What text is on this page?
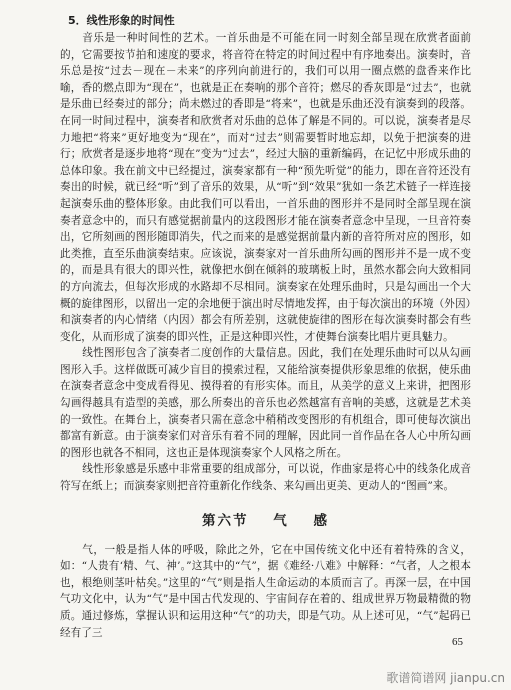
5．线性形象的时间性

音乐是一种时间性的艺术。一首乐曲是不可能在同一时刻全部呈现在欣赏者面前的，它需要按节拍和速度的要求，将音符在特定的时间过程中有序地奏出。演奏时，音乐总是按“过去－现在－未来”的序列向前进行的，我们可以用一圈点燃的盘香来作比喻，香的燃点即为“现在”，也就是正在奏响的那个音符；燃尽的香灰即是“过去”，也就是乐曲已经奏过的部分；尚未燃过的香即是“将来”，也就是乐曲还没有演奏到的段落。在同一时间过程中，演奏者和欣赏者对乐曲的总体了解是不同的。可以说，演奏者是尽力地把“将来”更好地变为“现在”，而对“过去”则需要暂时地忘却，以免于把演奏的进行；欣赏者是逐步地将“现在”变为“过去”，经过大脑的重新编码，在记忆中形成乐曲的总体印象。我在前文中已经提过，演奏家都有一种“预先听觉”的能力，即在音符还没有奏出的时候，就已经“听”到了音乐的效果，从“听”到“效果”犹如一条艺术链子一样连接起演奏乐曲的整体形象。由此我们可以看出，一首乐曲的图形并不是同时全部呈现在演奏者意念中的，而只有感觉据前量内的这段图形才能在演奏者意念中呈现，一旦音符奏出，它所刻画的图形随即消失，代之而来的是感觉据前量内新的音符所对应的图形，如此类推，直至乐曲演奏结束。应该说，演奏家对一首乐曲所勾画的图形并不是一成不变的，而是具有很大的即兴性，就像把水倒在倾斜的玻璃板上时，虽然水都会向大致相同的方向流去，但每次形成的水路却不尽相同。演奏家在处理乐曲时，只是勾画出一个大概的旋律图形，以留出一定的余地便于演出时尽情地发挥，由于每次演出的环境（外因）和演奏者的内心情绪（内因）都会有所差别，这就使旋律的图形在每次演奏时都会有些变化，从而形成了演奏的即兴性，正是这种即兴性，才使舞台演奏比唱片更具魅力。

线性图形包含了演奏者二度创作的大量信息。因此，我们在处理乐曲时可以从勾画图形入手。这样做既可减少盲目的摸索过程，又能给演奏提供形象思维的依据，使乐曲在演奏者意念中变成看得见、摸得着的有形实体。而且，从美学的意义上来讲，把图形勾画得越具有造型的美感，那么所奏出的音乐也必然越富有音响的美感，这就是艺术美的一致性。在舞台上，演奏者只需在意念中稍稍改变图形的有机组合，即可使每次演出都富有新意。由于演奏家们对音乐有着不同的理解，因此同一首作品在各人心中所勾画的图形也就各不相同，这也正是体现演奏家个人风格之所在。

线性形象感是乐感中非常重要的组成部分，可以说，作曲家是将心中的线条化成音符写在纸上；而演奏家则把音符重新化作线条、来勾画出更美、更动人的“图画”来。

第六节 气 感

气，一般是指人体的呼吸，除此之外，它在中国传统文化中还有着特殊的含义，如：“人贵有‘精、气、神’。”这其中的“气”，据《难经·八难》中解释：“气者，人之根本也，根绝则茎叶枯矣。”这里的“气”则是指人生命运动的本质而言了。再深一层，在中国气功文化中，认为“气”是中国古代发现的、宇宙间存在着的、组成世界万物最精微的物质。通过修炼，掌握认识和运用这种“气”的功夫，即是气功。从上述可见，“气”起码已经有了三

65
歌谱简谱网 jianpu.cn
